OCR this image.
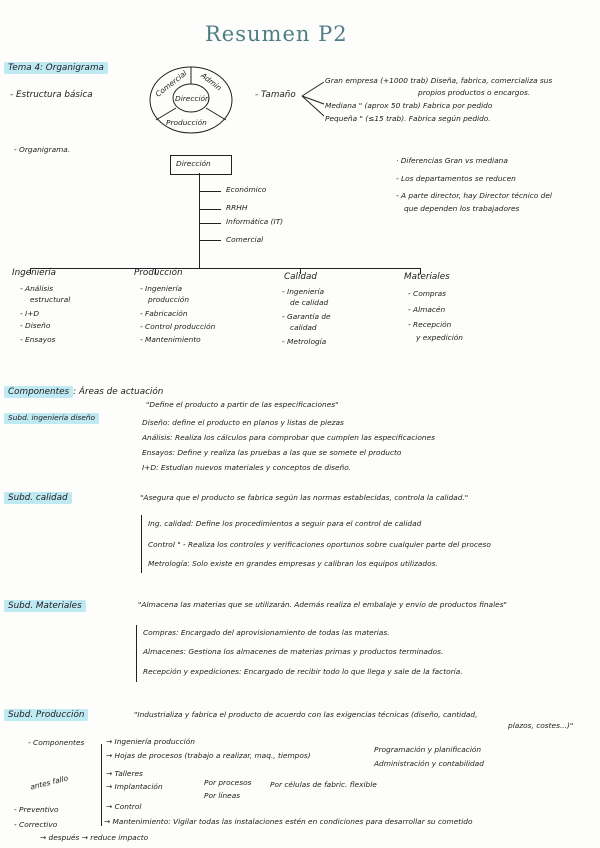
Resumen P2
Tema 4: Organigrama
- Estructura básica	Comercial Admin
Dirección
Producción
- Tamaño
Gran empresa (+1000 trab) Diseña, fabrica, comercializa sus
propios productos o encargos.
Mediana " (aprox 50 trab) Fabrica por pedido
Pequeña " (≤15 trab). Fabrica según pedido.
- Organigrama.
Dirección
Económico
RRHH
Informática (IT)
Comercial
· Diferencias Gran vs mediana
- Los departamentos se reducen
- A parte director, hay Director técnico del
que dependen los trabajadores
Ingeniería
- Análisis
estructural
- I+D
- Diseño
- Ensayos
Producción
- Ingeniería
producción
- Fabricación
- Control producción
- Mantenimiento
Calidad
- Ingeniería
de calidad
- Garantía de
calidad
- Metrología
Materiales
- Compras
- Almacén
- Recepción
y expedición
Componentes : Áreas de actuación
Subd. ingeniería diseño
"Define el producto a partir de las especificaciones"
Diseño: define el producto en planos y listas de piezas
Análisis: Realiza los cálculos para comprobar que cumplen las especificaciones
Ensayos: Define y realiza las pruebas a las que se somete el producto
I+D: Estudian nuevos materiales y conceptos de diseño.
Subd. calidad	"Asegura que el producto se fabrica según las normas establecidas, controla la calidad."
Ing. calidad: Define los procedimientos a seguir para el control de calidad
Control " - Realiza los controles y verificaciones oportunos sobre cualquier parte del proceso
Metrología: Solo existe en grandes empresas y calibran los equipos utilizados.
Subd. Materiales	"Almacena las materias que se utilizarán. Además realiza el embalaje y envío de productos finales"
Compras: Encargado del aprovisionamiento de todas las materias.
Almacenes: Gestiona los almacenes de materias primas y productos terminados.
Recepción y expediciones: Encargado de recibir todo lo que llega y sale de la factoría.
Subd. Producción	"Industrializa y fabrica el producto de acuerdo con las exigencias técnicas (diseño, cantidad,
plazos, costes...)"
- Componentes	→ Ingeniería producción
→ Hojas de procesos (trabajo a realizar, maq., tiempos)
Programación y planificación
Administración y contabilidad
→ Talleres
→ Implantación	Por procesos
Por líneas
Por células de fabric. flexible
→ Control
→ Mantenimiento: Vigilar todas las instalaciones estén en condiciones para desarrollar su cometido
antes fallo
- Preventivo
- Correctivo
→ después → reduce impacto
